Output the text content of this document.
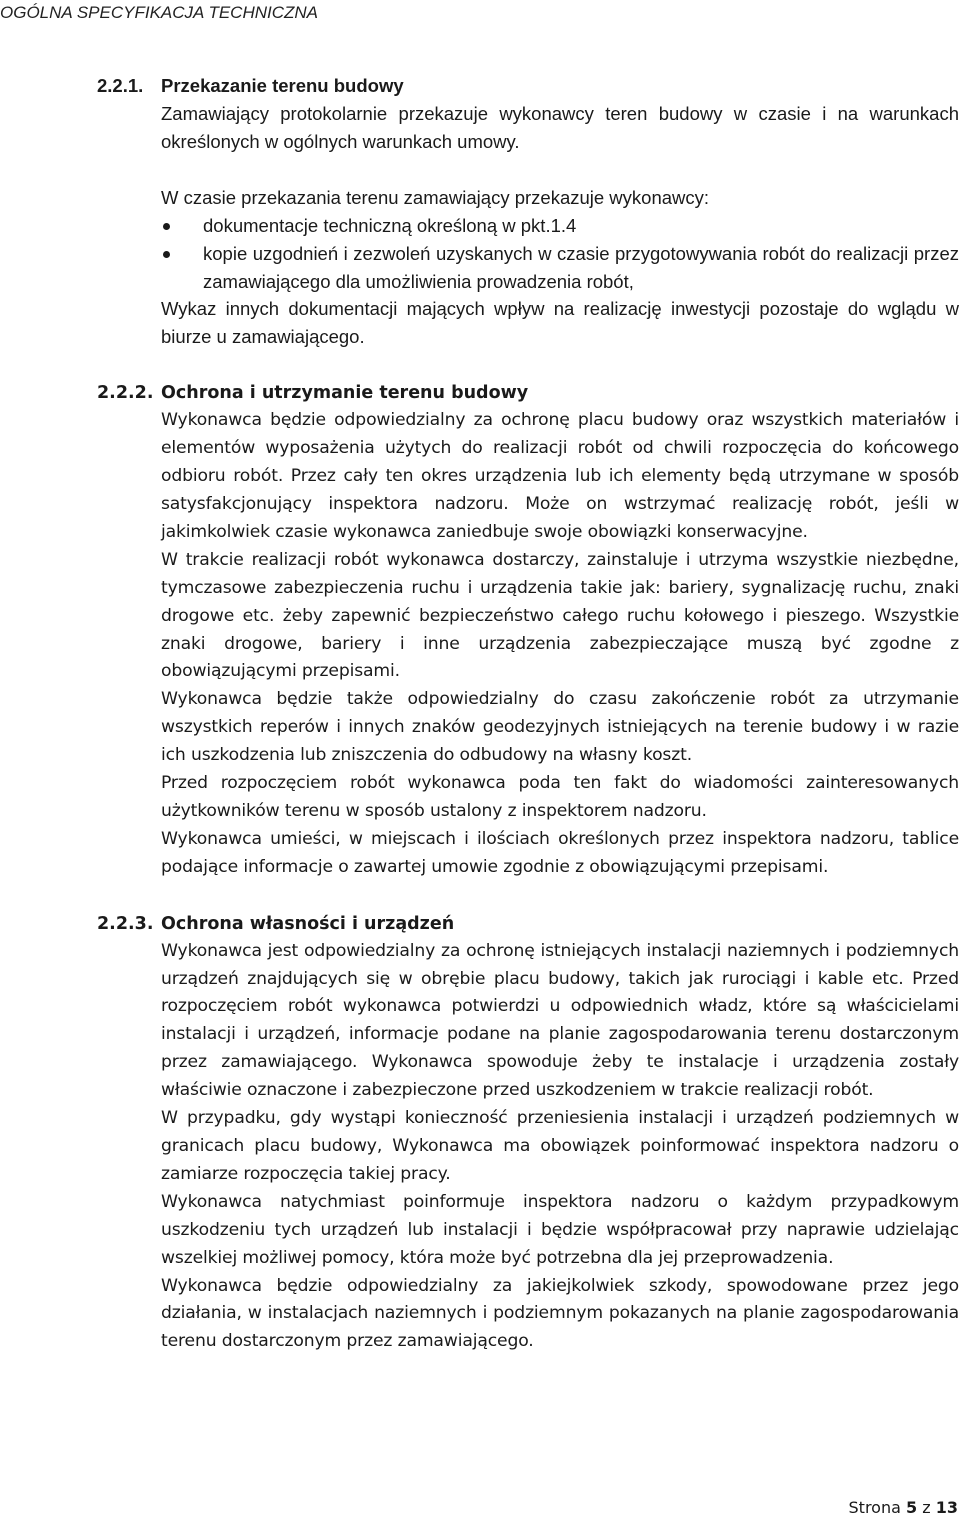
OGÓLNA SPECYFIKACJA TECHNICZNA
2.2.1. Przekazanie terenu budowy

Zamawiający protokolarnie przekazuje wykonawcy teren budowy w czasie i na warunkach określonych w ogólnych warunkach umowy.

W czasie przekazania terenu zamawiający przekazuje wykonawcy:

dokumentacje techniczną określoną w pkt.1.4
kopie uzgodnień i zezwoleń uzyskanych w czasie przygotowywania robót do realizacji przez zamawiającego dla umożliwienia prowadzenia robót,

Wykaz innych dokumentacji mających wpływ na realizację inwestycji pozostaje do wglądu w biurze u zamawiającego.

2.2.2. Ochrona i utrzymanie terenu budowy

Wykonawca będzie odpowiedzialny za ochronę placu budowy oraz wszystkich materiałów i elementów wyposażenia użytych do realizacji robót od chwili rozpoczęcia do końcowego odbioru robót. Przez cały ten okres urządzenia lub ich elementy będą utrzymane w sposób satysfakcjonujący inspektora nadzoru. Może on wstrzymać realizację robót, jeśli w jakimkolwiek czasie wykonawca zaniedbuje swoje obowiązki konserwacyjne.

W trakcie realizacji robót wykonawca dostarczy, zainstaluje i utrzyma wszystkie niezbędne, tymczasowe zabezpieczenia ruchu i urządzenia takie jak: bariery, sygnalizację ruchu, znaki drogowe etc. żeby zapewnić bezpieczeństwo całego ruchu kołowego i pieszego. Wszystkie znaki drogowe, bariery i inne urządzenia zabezpieczające muszą być zgodne z obowiązującymi przepisami.

Wykonawca będzie także odpowiedzialny do czasu zakończenie robót za utrzymanie wszystkich reperów i innych znaków geodezyjnych istniejących na terenie budowy i w razie ich uszkodzenia lub zniszczenia do odbudowy na własny koszt.

Przed rozpoczęciem robót wykonawca poda ten fakt do wiadomości zainteresowanych użytkowników terenu w sposób ustalony z inspektorem nadzoru.

Wykonawca umieści, w miejscach i ilościach określonych przez inspektora nadzoru, tablice podające informacje o zawartej umowie zgodnie z obowiązującymi przepisami.

2.2.3. Ochrona własności i urządzeń

Wykonawca jest odpowiedzialny za ochronę istniejących instalacji naziemnych i podziemnych urządzeń znajdujących się w obrębie placu budowy, takich jak rurociągi i kable etc. Przed rozpoczęciem robót wykonawca potwierdzi u odpowiednich władz, które są właścicielami instalacji i urządzeń, informacje podane na planie zagospodarowania terenu dostarczonym przez zamawiającego. Wykonawca spowoduje żeby te instalacje i urządzenia zostały właściwie oznaczone i zabezpieczone przed uszkodzeniem w trakcie realizacji robót.

W przypadku, gdy wystąpi konieczność przeniesienia instalacji i urządzeń podziemnych w granicach placu budowy, Wykonawca ma obowiązek poinformować inspektora nadzoru o zamiarze rozpoczęcia takiej pracy.

Wykonawca natychmiast poinformuje inspektora nadzoru o każdym przypadkowym uszkodzeniu tych urządzeń lub instalacji i będzie współpracował przy naprawie udzielając wszelkiej możliwej pomocy, która może być potrzebna dla jej przeprowadzenia.

Wykonawca będzie odpowiedzialny za jakiejkolwiek szkody, spowodowane przez jego działania, w instalacjach naziemnych i podziemnym pokazanych na planie zagospodarowania terenu dostarczonym przez zamawiającego.

Strona 5 z 13
